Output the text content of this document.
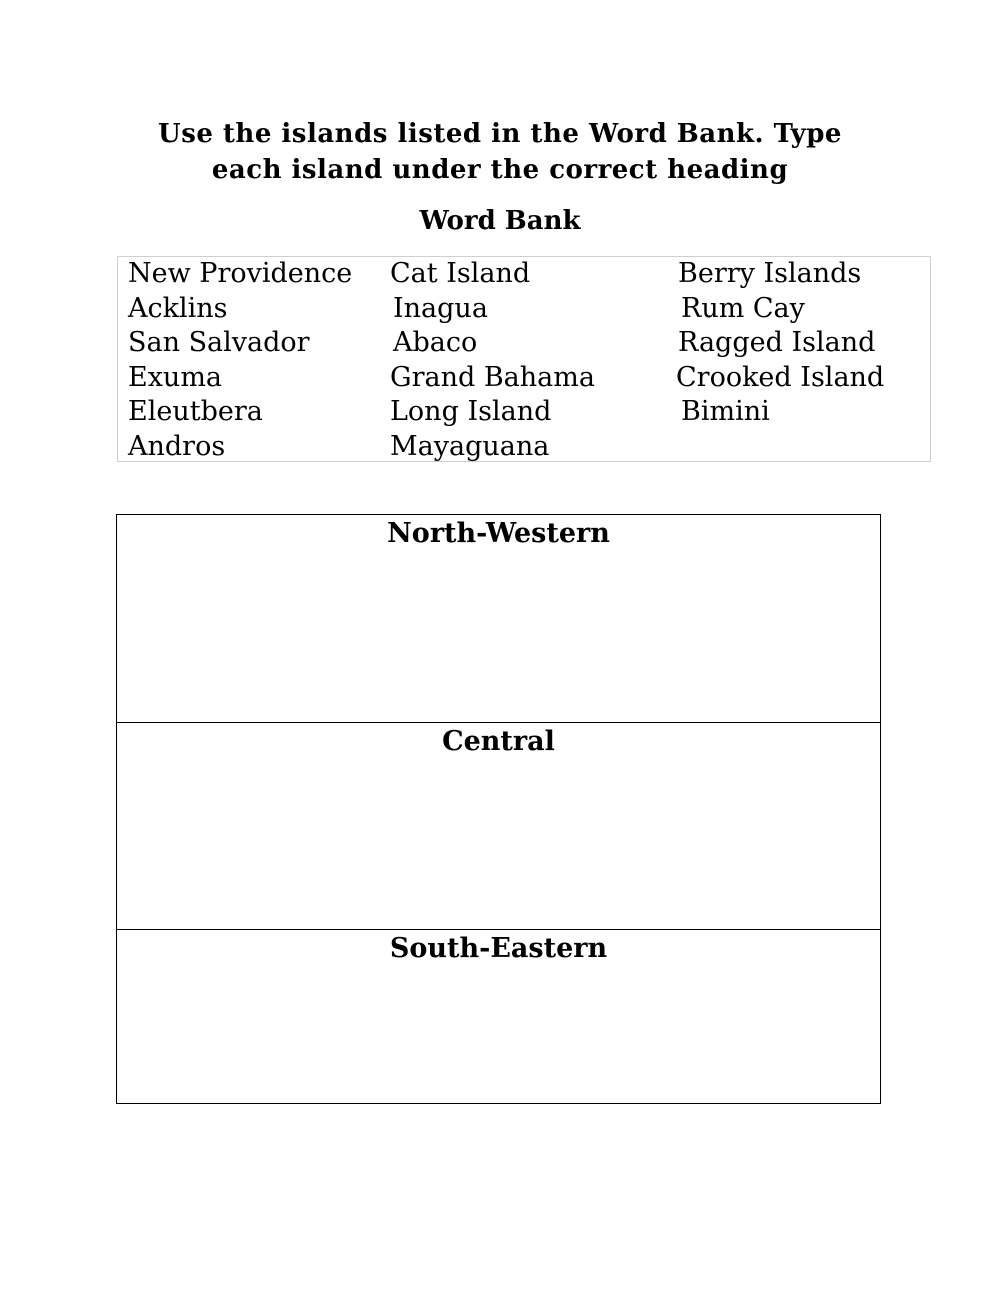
Use the islands listed in the Word Bank. Type
each island under the correct heading
Word Bank
New Providence
Acklins
San Salvador
Exuma
Eleutbera
Andros
Cat Island
Inagua
Abaco
Grand Bahama
Long Island
Mayaguana
Berry Islands
Rum Cay
Ragged Island
Crooked Island
Bimini
North-Western
Central
South-Eastern
